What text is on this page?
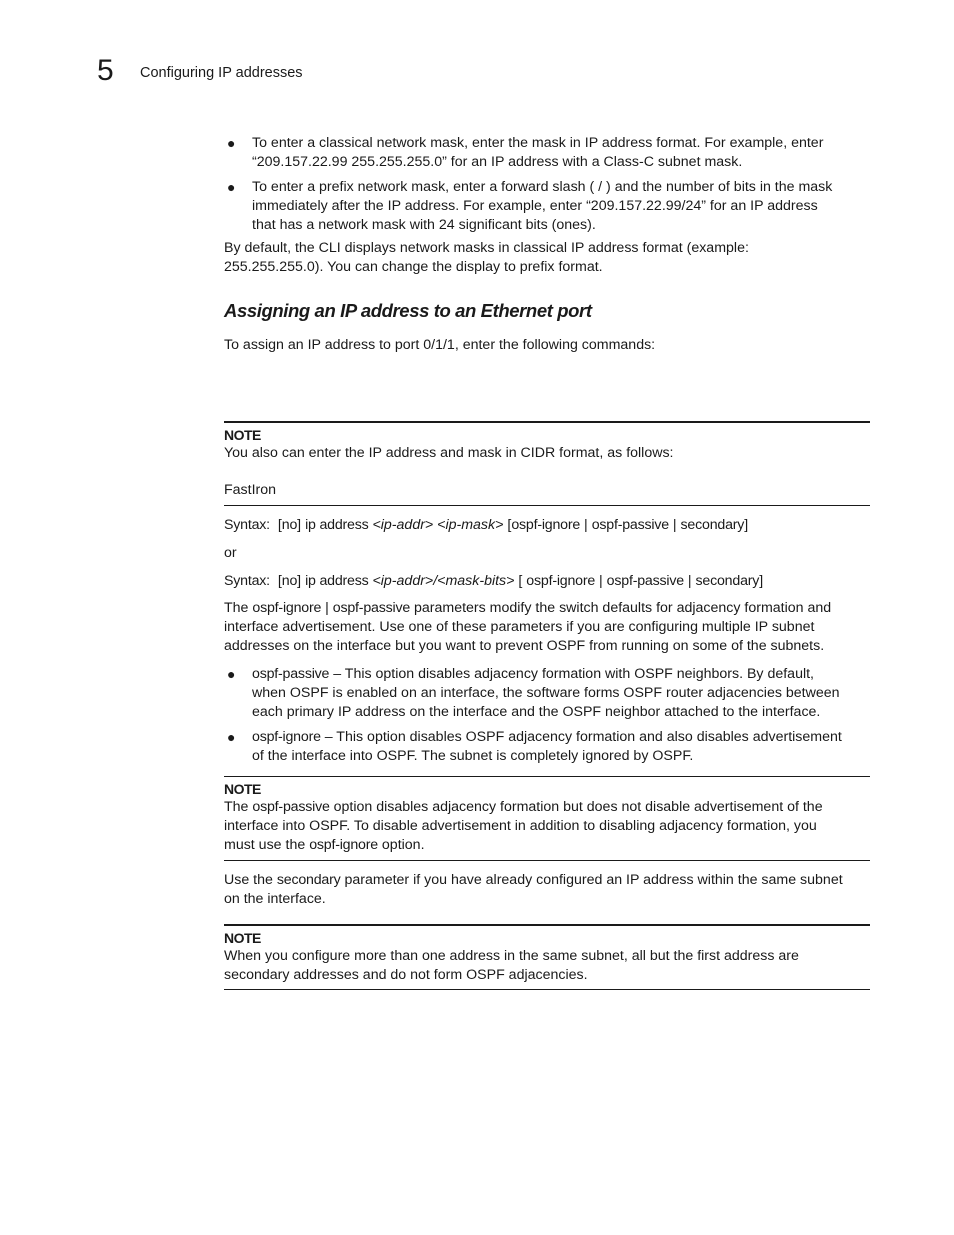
5 Configuring IP addresses
● To enter a classical network mask, enter the mask in IP address format. For example, enter
“209.157.22.99 255.255.255.0” for an IP address with a Class-C subnet mask.
● To enter a prefix network mask, enter a forward slash ( / ) and the number of bits in the mask
immediately after the IP address. For example, enter “209.157.22.99/24” for an IP address
that has a network mask with 24 significant bits (ones).

By default, the CLI displays network masks in classical IP address format (example:
255.255.255.0). You can change the display to prefix format.

Assigning an IP address to an Ethernet port

To assign an IP address to port 0/1/1, enter the following commands:

NOTE

You also can enter the IP address and mask in CIDR format, as follows:

FastIron

Syntax: [no] ip address <ip-addr> <ip-mask> [ospf-ignore | ospf-passive | secondary]

or

Syntax: [no] ip address <ip-addr>/<mask-bits> [ ospf-ignore | ospf-passive | secondary]

The ospf-ignore | ospf-passive parameters modify the switch defaults for adjacency formation and
interface advertisement. Use one of these parameters if you are configuring multiple IP subnet
addresses on the interface but you want to prevent OSPF from running on some of the subnets.

● ospf-passive – This option disables adjacency formation with OSPF neighbors. By default,
when OSPF is enabled on an interface, the software forms OSPF router adjacencies between
each primary IP address on the interface and the OSPF neighbor attached to the interface.
● ospf-ignore – This option disables OSPF adjacency formation and also disables advertisement
of the interface into OSPF. The subnet is completely ignored by OSPF.
NOTE

The ospf-passive option disables adjacency formation but does not disable advertisement of the
interface into OSPF. To disable advertisement in addition to disabling adjacency formation, you
must use the ospf-ignore option.

Use the secondary parameter if you have already configured an IP address within the same subnet
on the interface.

NOTE

When you configure more than one address in the same subnet, all but the first address are
secondary addresses and do not form OSPF adjacencies.
